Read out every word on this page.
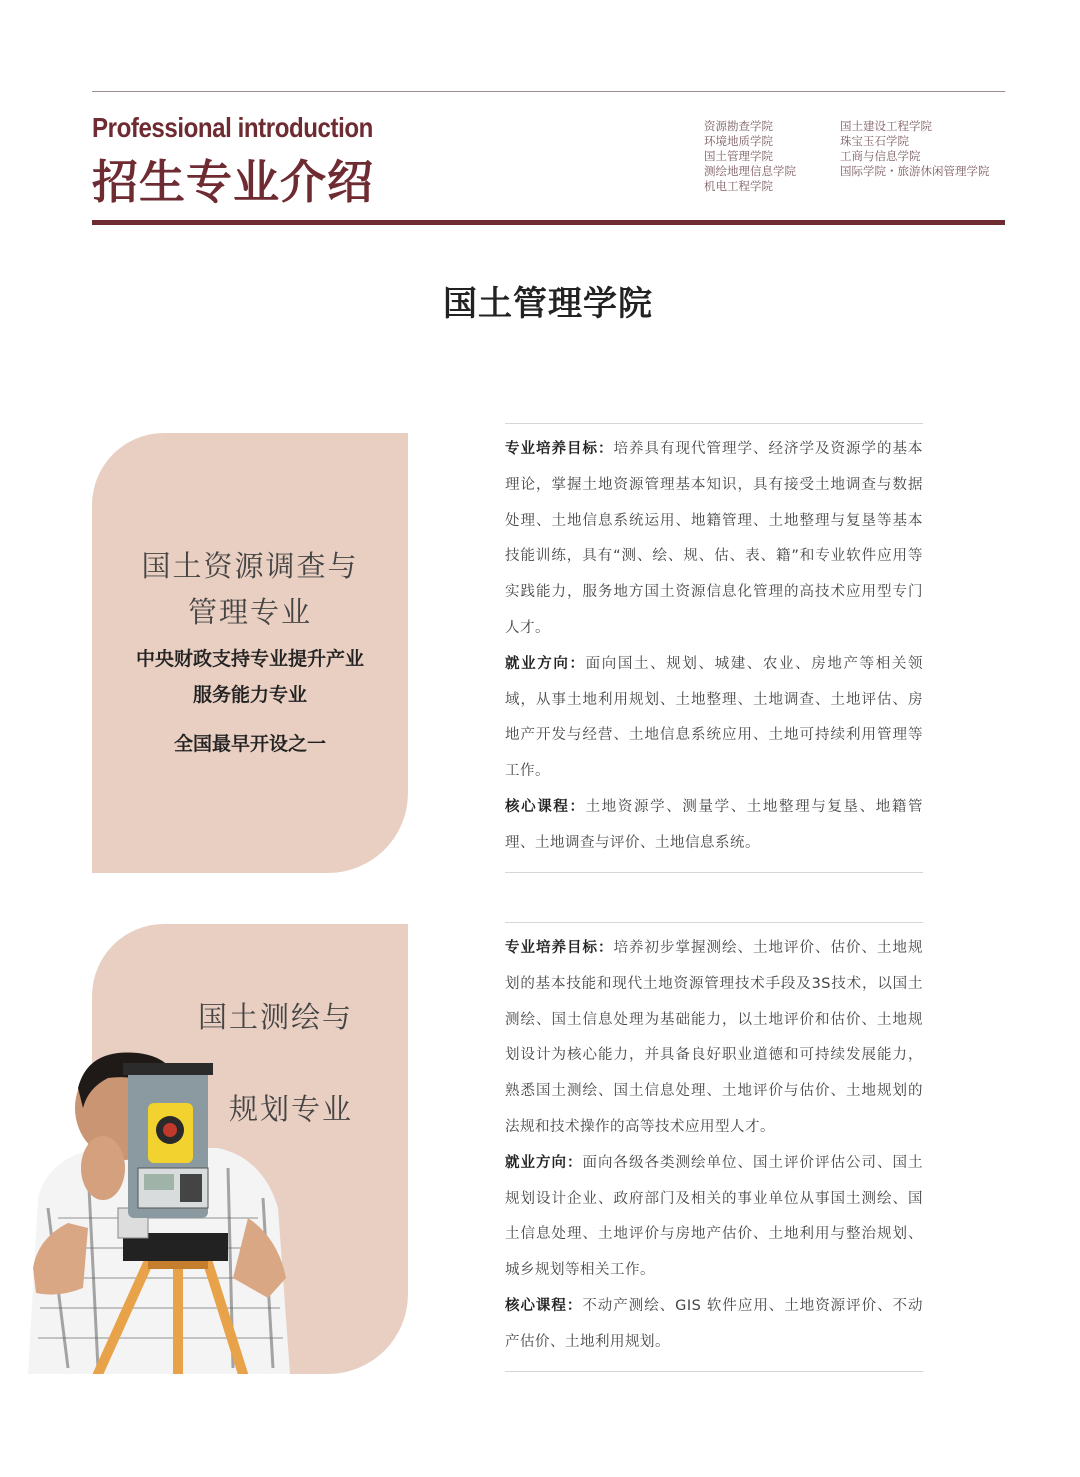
Professional introduction
招生专业介绍
资源勘查学院
环境地质学院
国土管理学院
测绘地理信息学院
机电工程学院
国土建设工程学院
珠宝玉石学院
工商与信息学院
国际学院・旅游休闲管理学院
国土管理学院
国土资源调查与
管理专业
中央财政支持专业提升产业
服务能力专业
全国最早开设之一

专业培养目标：培养具有现代管理学、经济学及资源学的基本理论，掌握土地资源管理基本知识，具有接受土地调查与数据处理、土地信息系统运用、地籍管理、土地整理与复垦等基本技能训练，具有“测、绘、规、估、表、籍”和专业软件应用等实践能力，服务地方国土资源信息化管理的高技术应用型专门人才。

就业方向：面向国土、规划、城建、农业、房地产等相关领域，从事土地利用规划、土地整理、土地调查、土地评估、房地产开发与经营、土地信息系统应用、土地可持续利用管理等工作。

核心课程：土地资源学、测量学、土地整理与复垦、地籍管理、土地调查与评价、土地信息系统。

国土测绘与

规划专业

专业培养目标：培养初步掌握测绘、土地评价、估价、土地规划的基本技能和现代土地资源管理技术手段及3S技术，以国土测绘、国土信息处理为基础能力，以土地评价和估价、土地规划设计为核心能力，并具备良好职业道德和可持续发展能力，熟悉国土测绘、国土信息处理、土地评价与估价、土地规划的法规和技术操作的高等技术应用型人才。

就业方向：面向各级各类测绘单位、国土评价评估公司、国土规划设计企业、政府部门及相关的事业单位从事国土测绘、国土信息处理、土地评价与房地产估价、土地利用与整治规划、城乡规划等相关工作。

核心课程：不动产测绘、GIS 软件应用、土地资源评价、不动产估价、土地利用规划。
